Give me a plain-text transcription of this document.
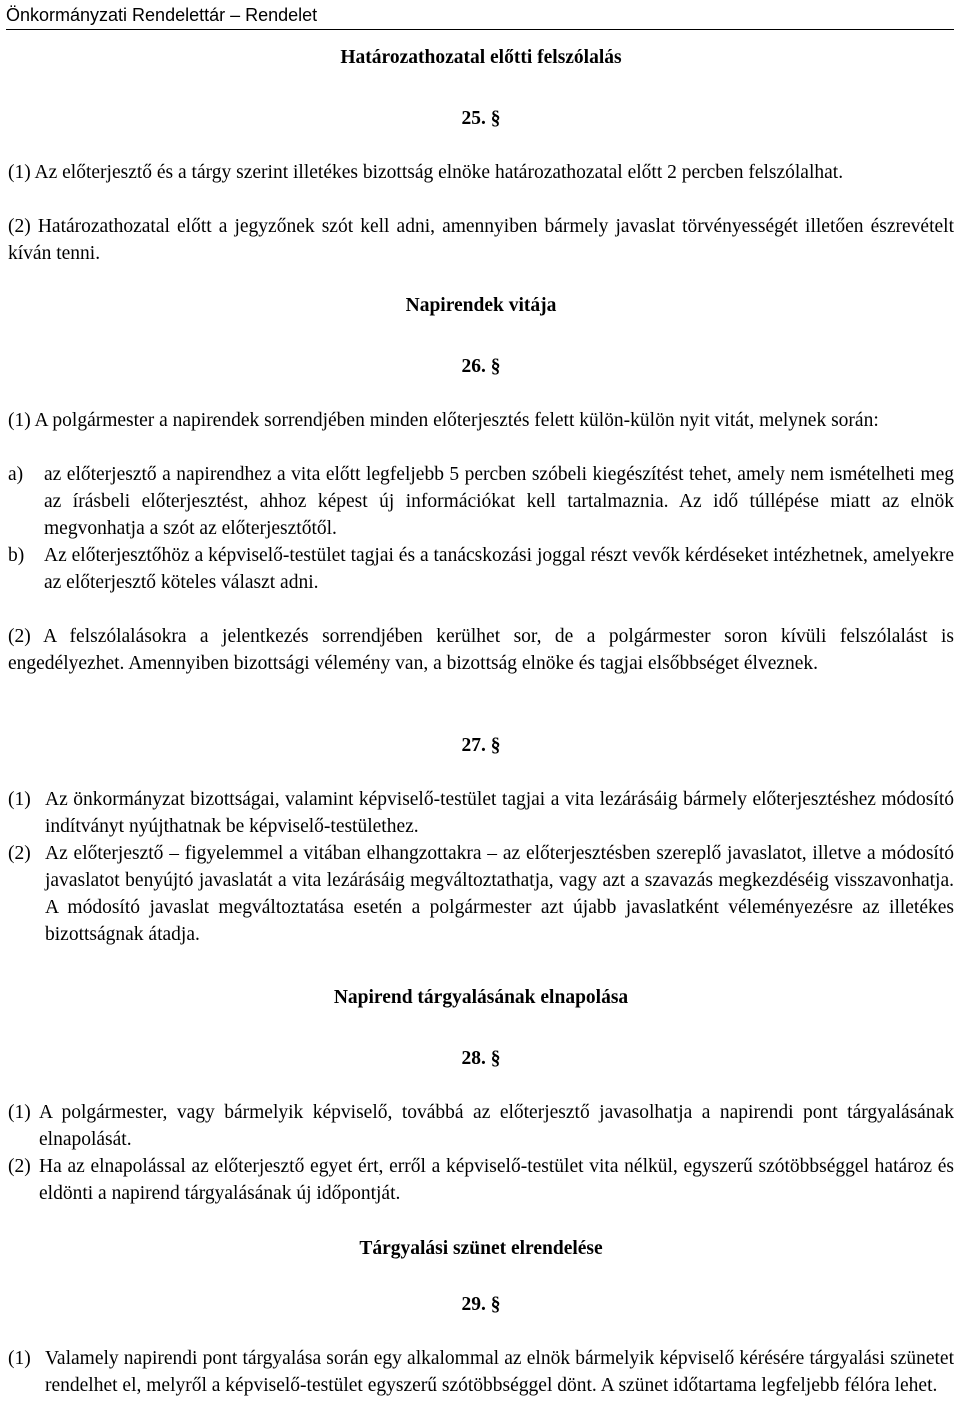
Önkormányzati Rendelettár – Rendelet
Határozathozatal előtti felszólalás
25. §
(1) Az előterjesztő és a tárgy szerint illetékes bizottság elnöke határozathozatal előtt 2 percben felszólalhat.
(2) Határozathozatal előtt a jegyzőnek szót kell adni, amennyiben bármely javaslat törvényességét illetően észrevételt kíván tenni.
Napirendek vitája
26. §
(1) A polgármester a napirendek sorrendjében minden előterjesztés felett külön-külön nyit vitát, melynek során:
a)	az előterjesztő a napirendhez a vita előtt legfeljebb 5 percben szóbeli kiegészítést tehet, amely nem ismételheti meg az írásbeli előterjesztést, ahhoz képest új információkat kell tartalmaznia. Az idő túllépése miatt az elnök megvonhatja a szót az előterjesztőtől.
b)	Az előterjesztőhöz a képviselő-testület tagjai és a tanácskozási joggal részt vevők kérdéseket intézhetnek, amelyekre az előterjesztő köteles választ adni.
(2) A felszólalásokra a jelentkezés sorrendjében kerülhet sor, de a polgármester soron kívüli felszólalást is engedélyezhet. Amennyiben bizottsági vélemény van, a bizottság elnöke és tagjai elsőbbséget élveznek.
27. §
(1) Az önkormányzat bizottságai, valamint képviselő-testület tagjai a vita lezárásáig bármely előterjesztéshez módosító indítványt nyújthatnak be képviselő-testülethez.
(2) Az előterjesztő – figyelemmel a vitában elhangzottakra – az előterjesztésben szereplő javaslatot, illetve a módosító javaslatot benyújtó javaslatát a vita lezárásáig megváltoztathatja, vagy azt a szavazás megkezdéséig visszavonhatja. A módosító javaslat megváltoztatása esetén a polgármester azt újabb javaslatként véleményezésre az illetékes bizottságnak átadja.
Napirend tárgyalásának elnapolása
28. §
(1) A polgármester, vagy bármelyik képviselő, továbbá az előterjesztő javasolhatja a napirendi pont tárgyalásának elnapolását.
(2) Ha az elnapolással az előterjesztő egyet ért, erről a képviselő-testület vita nélkül, egyszerű szótöbbséggel határoz és eldönti a napirend tárgyalásának új időpontját.
Tárgyalási szünet elrendelése
29. §
(1) Valamely napirendi pont tárgyalása során egy alkalommal az elnök bármelyik képviselő kérésére tárgyalási szünetet rendelhet el, melyről a képviselő-testület egyszerű szótöbbséggel dönt. A szünet időtartama legfeljebb félóra lehet.
